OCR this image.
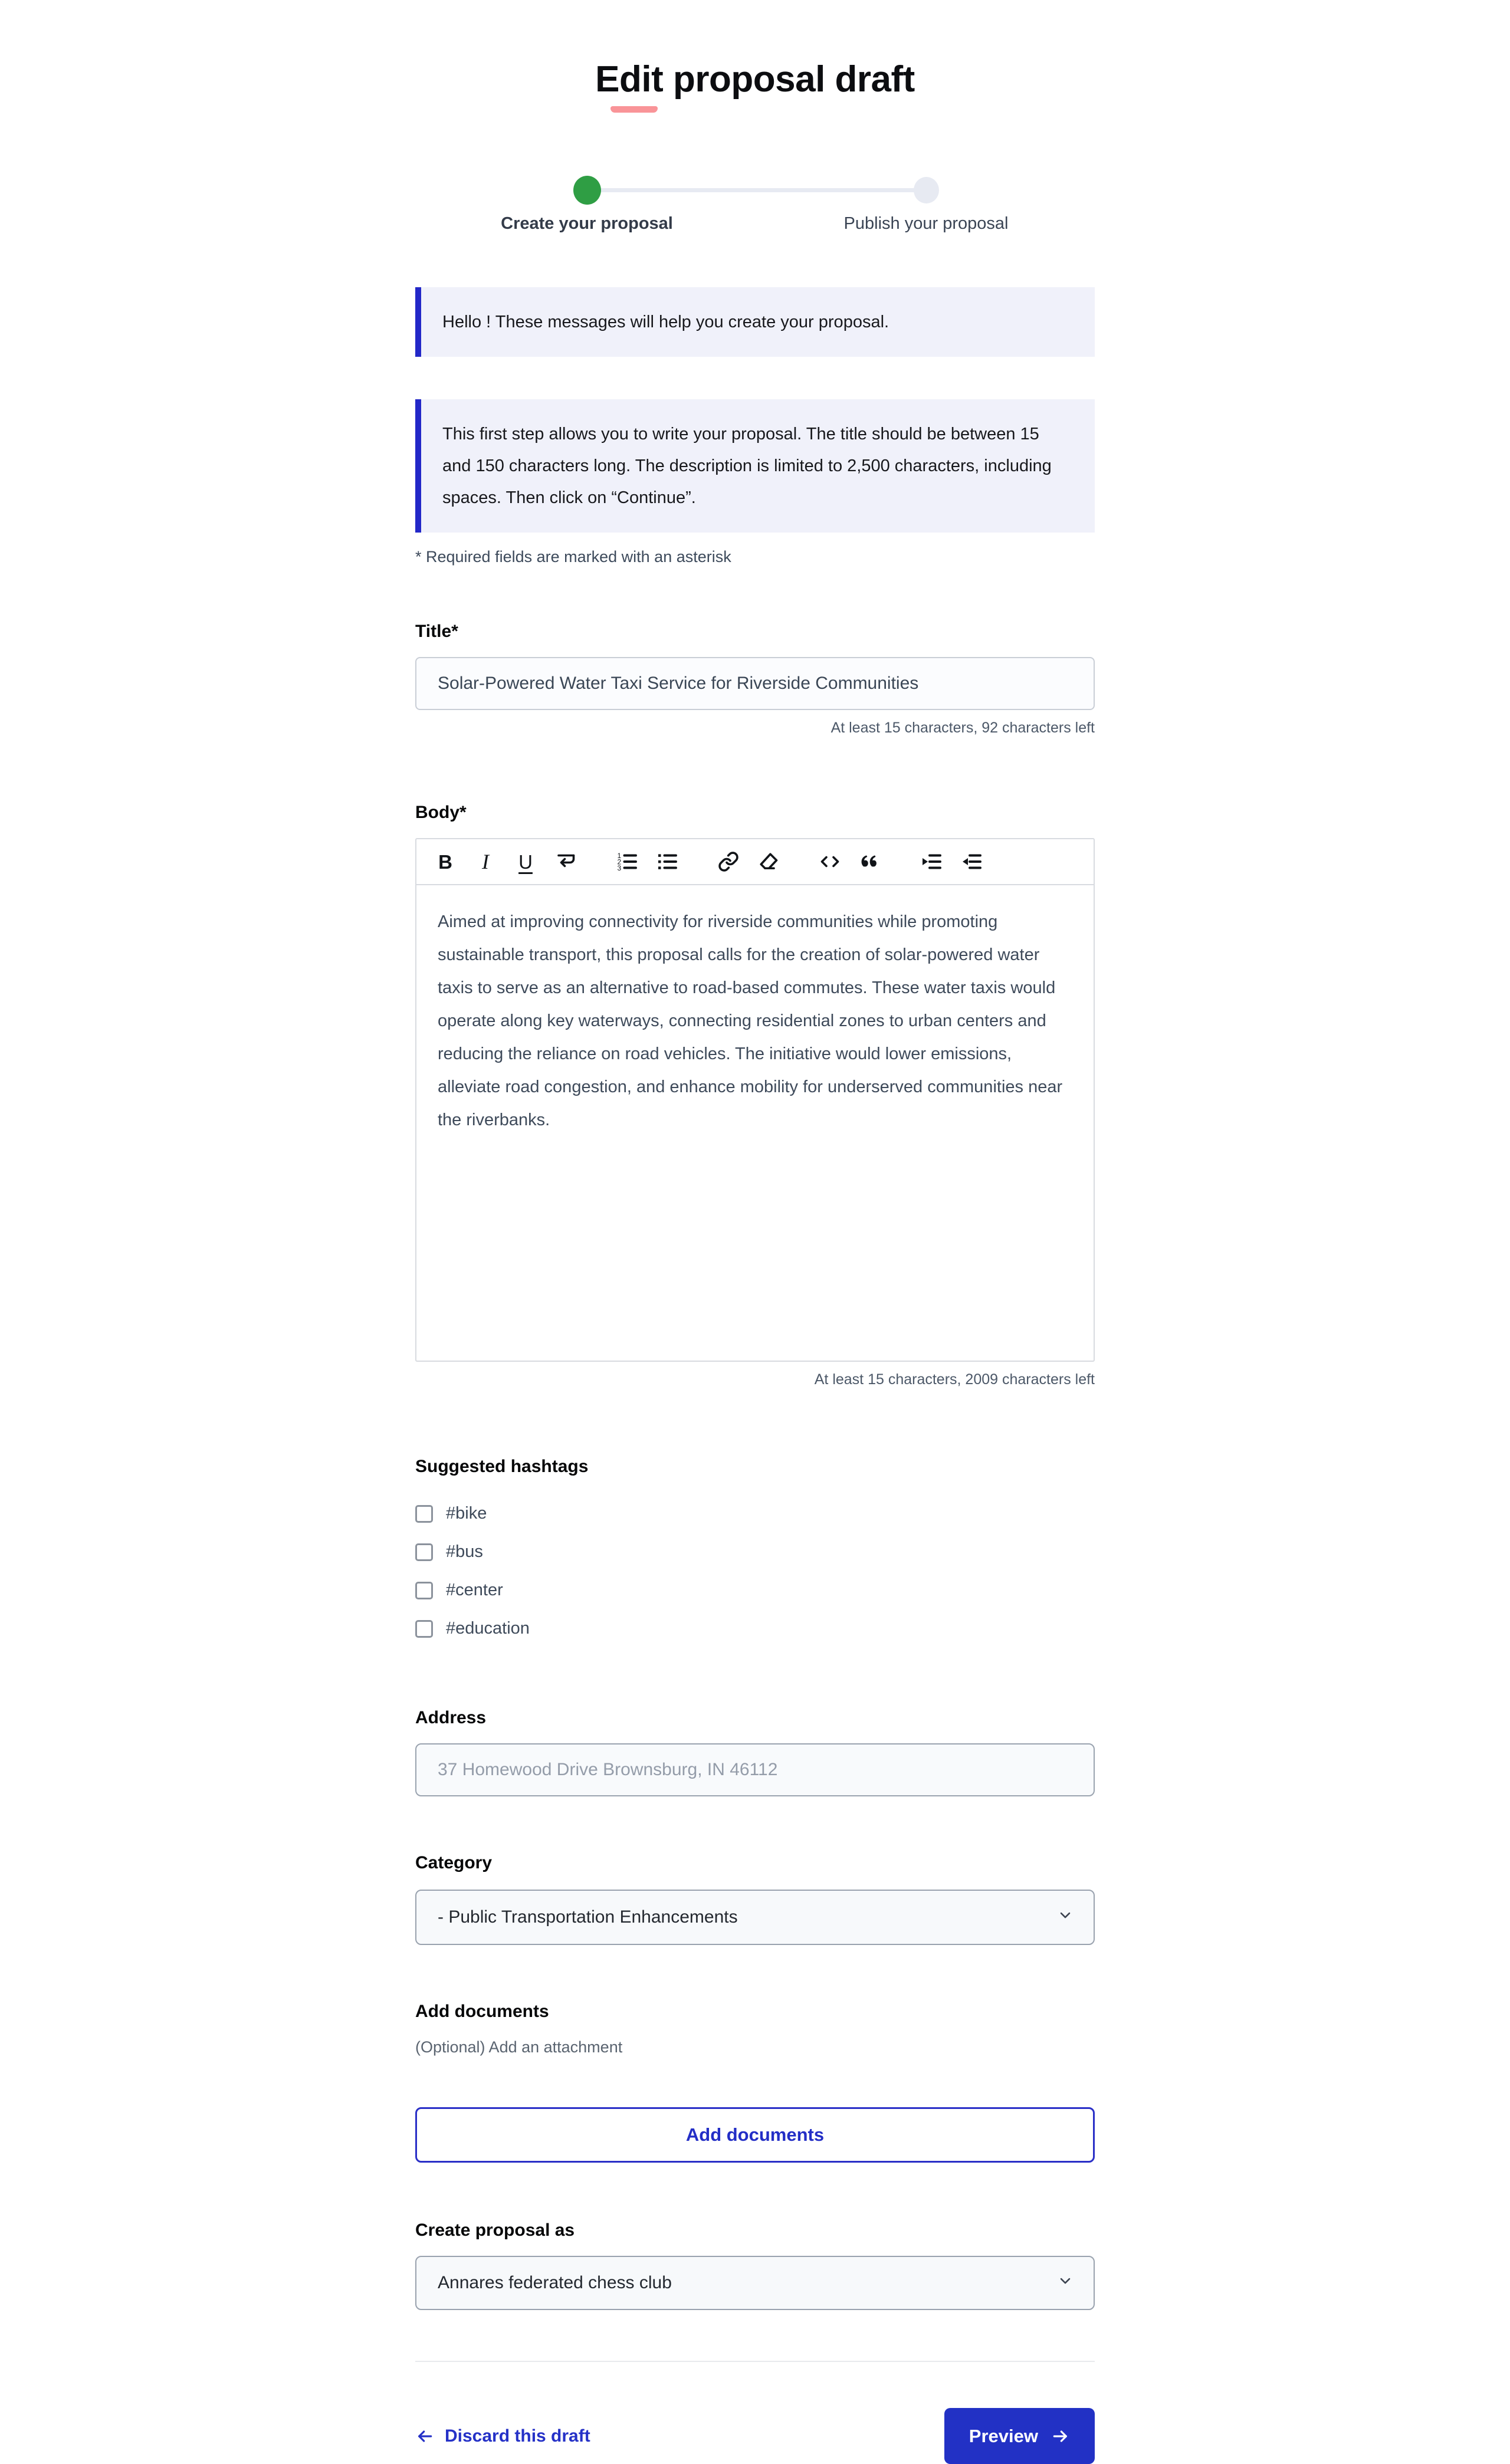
Edit proposal draft
Create your proposal	Publish your proposal
Hello ! These messages will help you create your proposal.
This first step allows you to write your proposal. The title should be between 15 and 150 characters long. The description is limited to 2,500 characters, including spaces. Then click on “Continue”.
* Required fields are marked with an asterisk
Title*
Solar-Powered Water Taxi Service for Riverside Communities
At least 15 characters, 92 characters left
Body*
B	I	U	1
2
3

Aimed at improving connectivity for riverside communities while promoting sustainable transport, this proposal calls for the creation of solar-powered water taxis to serve as an alternative to road-based commutes. These water taxis would operate along key waterways, connecting residential zones to urban centers and reducing the reliance on road vehicles. The initiative would lower emissions, alleviate road congestion, and enhance mobility for underserved communities near the riverbanks.

At least 15 characters, 2009 characters left
Suggested hashtags
#bike
#bus
#center
#education
Address
37 Homewood Drive Brownsburg, IN 46112
Category
- Public Transportation Enhancements
Add documents
(Optional) Add an attachment
Add documents
Create proposal as
Annares federated chess club
Discard this draft	Preview
